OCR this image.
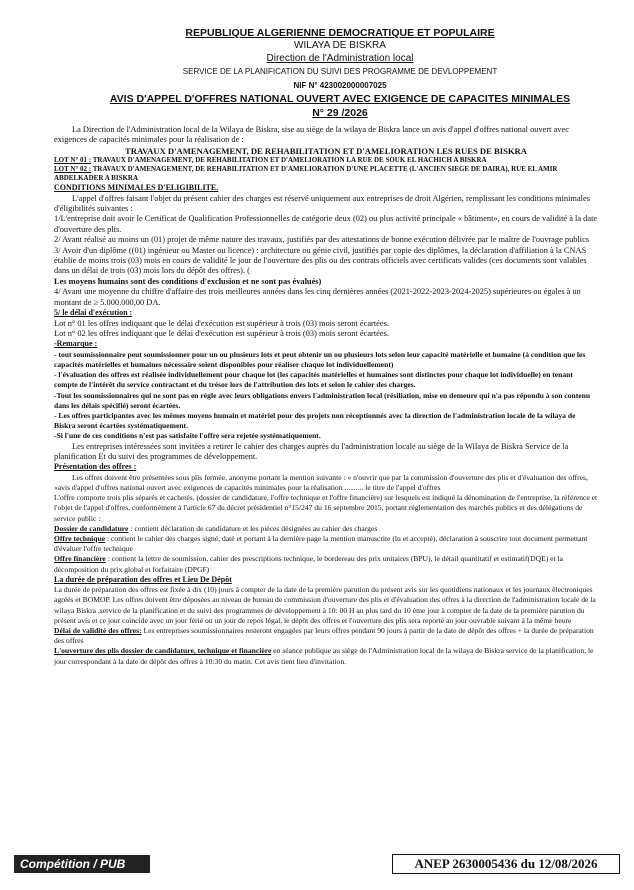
REPUBLIQUE ALGERIENNE DEMOCRATIQUE ET POPULAIRE
WILAYA DE BISKRA
Direction de l'Administration local
SERVICE DE LA PLANIFICATION DU SUIVI DES PROGRAMME DE DEVLOPPEMENT
NIF N° 423002000007025
AVIS D'APPEL D'OFFRES NATIONAL OUVERT AVEC EXIGENCE DE CAPACITES MINIMALES
N° 29 /2026

La Direction de l'Administration local de la Wilaya de Biskra, sise au siège de la wilaya de Biskra lance un avis d'appel d'offres national ouvert avec exigences de capacités minimales pour la réalisation de :

TRAVAUX D'AMENAGEMENT, DE REHABILITATION ET D'AMELIORATION LES RUES DE BISKRA

LOT N° 01 : TRAVAUX D'AMENAGEMENT, DE REHABILITATION ET D'AMELIORATION LA RUE DE SOUK EL HACHICH A BISKRA

LOT N° 02 : TRAVAUX D'AMENAGEMENT, DE REHABILITATION ET D'AMELIORATION D'UNE PLACETTE (L'ANCIEN SIEGE DE DAIRA), RUE EL AMIR ABDELKADER A BISKRA

CONDITIONS MINIMALES D'ELIGIBILITE.

L'appel d'offres faisant l'objet du présent cahier des charges est réservé uniquement aux entreprises de droit Algérien, remplissant les conditions minimales d'éligibilités suivantes :

1/L'entreprise doit avoir le Certificat de Qualification Professionnelles de catégorie deux (02) ou plus activité principale « bâtiment», en cours de validité à la date d'ouverture des plis.

2/ Avant réalisé au moins un (01) projet de même nature des travaux, justifiés par des attestations de bonne exécution délivrée par le maître de l'ouvrage publics

3/ Avoir d'un diplôme ((01) ingénieur ou Master ou licence) : architecture ou génie civil, justifiés par copie des diplômes, la déclaration d'affiliation à la CNAS établie de moins trois (03) mois en cours de validité le jour de l'ouverture des plis ou des contrats officiels avec certificats valides (ces documents sont valables dans un délai de trois (03) mois lors du dépôt des offres). (

Les moyens humains sont des conditions d'exclusion et ne sont pas évalués)

4/ Avant une moyenne du chiffre d'affaire des trois meilleures années dans les cinq dernières années (2021-2022-2023-2024-2025) supérieures ou égales à un montant de ≥ 5.000.000,00 DA.

5/ le délai d'exécution :

Lot n° 01 les offres indiquant que le délai d'exécution est supérieur à trois (03) mois seront écartées.

Lot n° 02 les offres indiquant que le délai d'exécution est supérieur à trois (03) mois seront écartées.

-Remarque :

- tout soumissionnaire peut soumissionner pour un ou plusieurs lots et peut obtenir un ou plusieurs lots selon leur capacité matérielle et humaine (à condition que les capacités matérielles et humaines nécessaire soient disponibles pour réaliser chaque lot individuellement)

- l'évaluation des offres est réalisée individuellement pour chaque lot (les capacités matérielles et humaines sont distinctes pour chaque lot individuelle) en tenant compte de l'intérêt du service contractant et du trésor lors de l'attribution des lots et selon le cahier des charges.

-Tout les soumissionnaires qui ne sont pas en règle avec leurs obligations envers l'administration local (résiliation, mise en demeure qui n'a pas répondu à son contenu dans les délais spécifié) seront écartées.

- Les offres participantes avec les mêmes moyens humain et matériel pour des projets non réceptionnés avec la direction de l'administration locale de la wilaya de Biskra seront écartées systématiquement.

-Si l'une de ces conditions n'est pas satisfaite l'offre sera rejetée systématiquement.

Les entreprises intéressées sont invitées a retirer le cahier des charges auprès du l'administration locale au siège de la Wilaya de Biskra Service de la planification Et du suivi des programmes de développement.

Présentation des offres :

Les offres doivent être présentées sous plis fermée, anonyme portant la mention suivante : « n'ouvrir que par la commission d'ouverture des plis et d'évaluation des offres, «avis d'appel d'offres national ouvert avec exigences de capacités minimales pour la réalisation .......... le titre de l'appel d'offres

L'offre comporte trois plis séparés et cachetés. (dossier de candidature, l'offre technique et l'offre financière) sur lesquels est indiqué la dénomination de l'entreprise, la référence et l'objet de l'appel d'offres, conformément à l'article 67 du décret présidentiel n°15/247 du 16 septembre 2015, portant réglementation des marchés publics et des délégations de service public :

Dossier de candidature : contient déclaration de candidature et les pièces désignées au cahier des charges

Offre technique : contient le cahier des charges signé, daté et portant à la dernière page la mention manuscrite (lu et accepté), déclaration à souscrire tout document permettant d'évaluer l'offre technique

Offre financière : contient la lettre de soumission, cahier des prescriptions technique, le bordereau des prix unitaires (BPU), le détail quantitatif et estimatif(DQE) et la décomposition du prix global et forfaitaire (DPGF)

La durée de préparation des offres et Lieu De Dépôt

La durée de préparation des offres est fixée à dix (10) jours à compter de la date de la première parution du présent avis sur les quotidiens nationaux et les journaux électroniques agréés et BOMOP. Les offres doivent être déposées au niveau de bureau de commission d'ouverture des plis et d'évaluation des offres à la direction de l'administration locale de la wilaya Biskra ,service de la planification et du suivi des programmes de développement à 10: 00 H au plus tard du 10 ème jour à compter de la date de la première parution du présent avis et ce jour coïncide avec un jour férié ou un jour de repos légal, le dépôt des offres et l'ouverture des plis sera reporté au jour ouvrable suivant à la même heure

Délai de validité des offres: Les entreprises soumissionnaires resteront engagées par leurs offres pendant 90 jours à partir de la date de dépôt des offres + la durée de préparation des offres

L'ouverture des plis dossier de candidature, technique et financière en séance publique au siège de l'Administration local de la wilaya de Biskra service de la planification, le jour correspondant à la date de dépôt des offres à 10:30 du matin. Cet avis tient lieu d'invitation.

Compétition / PUB	ANEP 2630005436 du 12/08/2026
